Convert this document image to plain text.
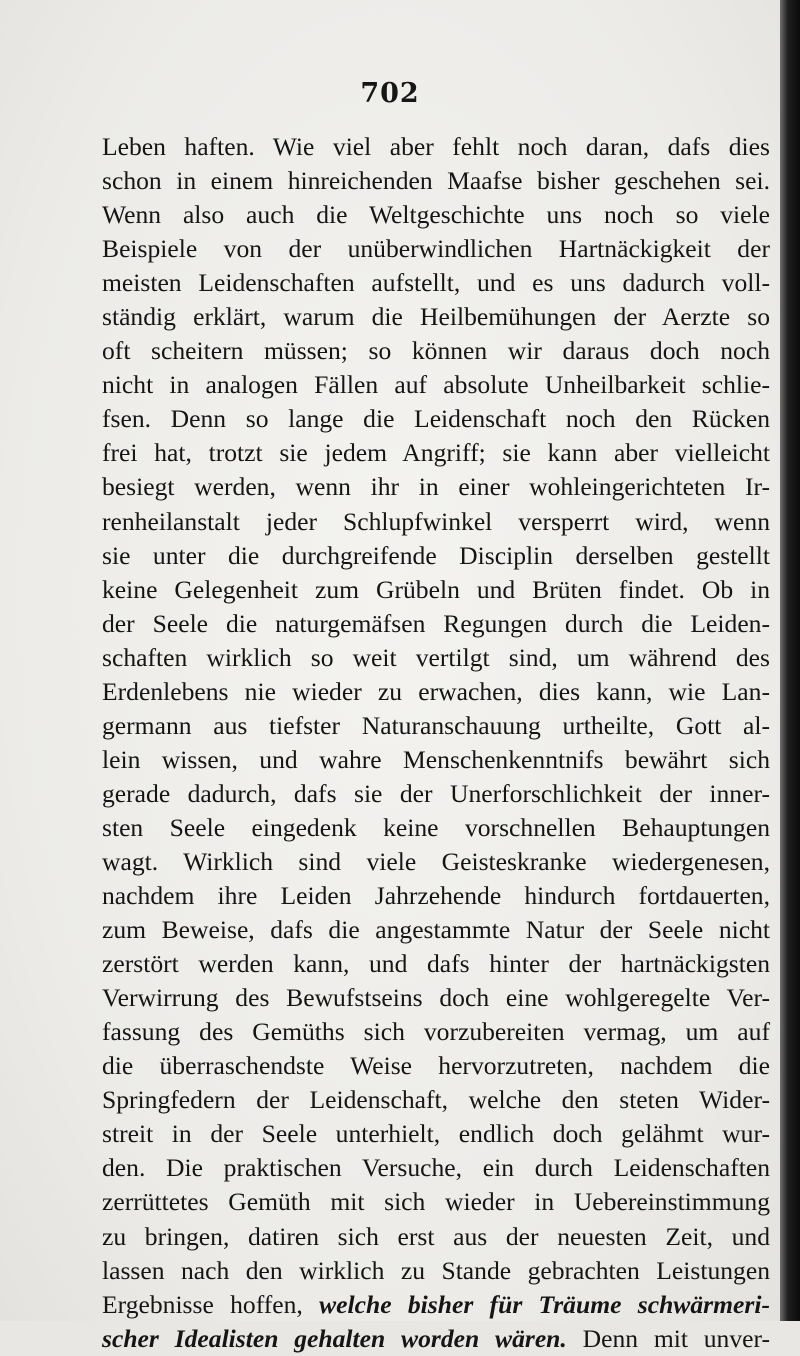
702
Leben haften. Wie viel aber fehlt noch daran, dafs dies
schon in einem hinreichenden Maafse bisher geschehen sei.
Wenn also auch die Weltgeschichte uns noch so viele
Beispiele von der unüberwindlichen Hartnäckigkeit der
meisten Leidenschaften aufstellt, und es uns dadurch voll-
ständig erklärt, warum die Heilbemühungen der Aerzte so
oft scheitern müssen; so können wir daraus doch noch
nicht in analogen Fällen auf absolute Unheilbarkeit schlie-
fsen. Denn so lange die Leidenschaft noch den Rücken
frei hat, trotzt sie jedem Angriff; sie kann aber vielleicht
besiegt werden, wenn ihr in einer wohleingerichteten Ir-
renheilanstalt jeder Schlupfwinkel versperrt wird, wenn
sie unter die durchgreifende Disciplin derselben gestellt
keine Gelegenheit zum Grübeln und Brüten findet. Ob in
der Seele die naturgemäfsen Regungen durch die Leiden-
schaften wirklich so weit vertilgt sind, um während des
Erdenlebens nie wieder zu erwachen, dies kann, wie Lan-
germann aus tiefster Naturanschauung urtheilte, Gott al-
lein wissen, und wahre Menschenkenntnifs bewährt sich
gerade dadurch, dafs sie der Unerforschlichkeit der inner-
sten Seele eingedenk keine vorschnellen Behauptungen
wagt. Wirklich sind viele Geisteskranke wiedergenesen,
nachdem ihre Leiden Jahrzehende hindurch fortdauerten,
zum Beweise, dafs die angestammte Natur der Seele nicht
zerstört werden kann, und dafs hinter der hartnäckigsten
Verwirrung des Bewufstseins doch eine wohlgeregelte Ver-
fassung des Gemüths sich vorzubereiten vermag, um auf
die überraschendste Weise hervorzutreten, nachdem die
Springfedern der Leidenschaft, welche den steten Wider-
streit in der Seele unterhielt, endlich doch gelähmt wur-
den. Die praktischen Versuche, ein durch Leidenschaften
zerrüttetes Gemüth mit sich wieder in Uebereinstimmung
zu bringen, datiren sich erst aus der neuesten Zeit, und
lassen nach den wirklich zu Stande gebrachten Leistungen
Ergebnisse hoffen, welche bisher für Träume schwärmeri-
scher Idealisten gehalten worden wären. Denn mit unver-
